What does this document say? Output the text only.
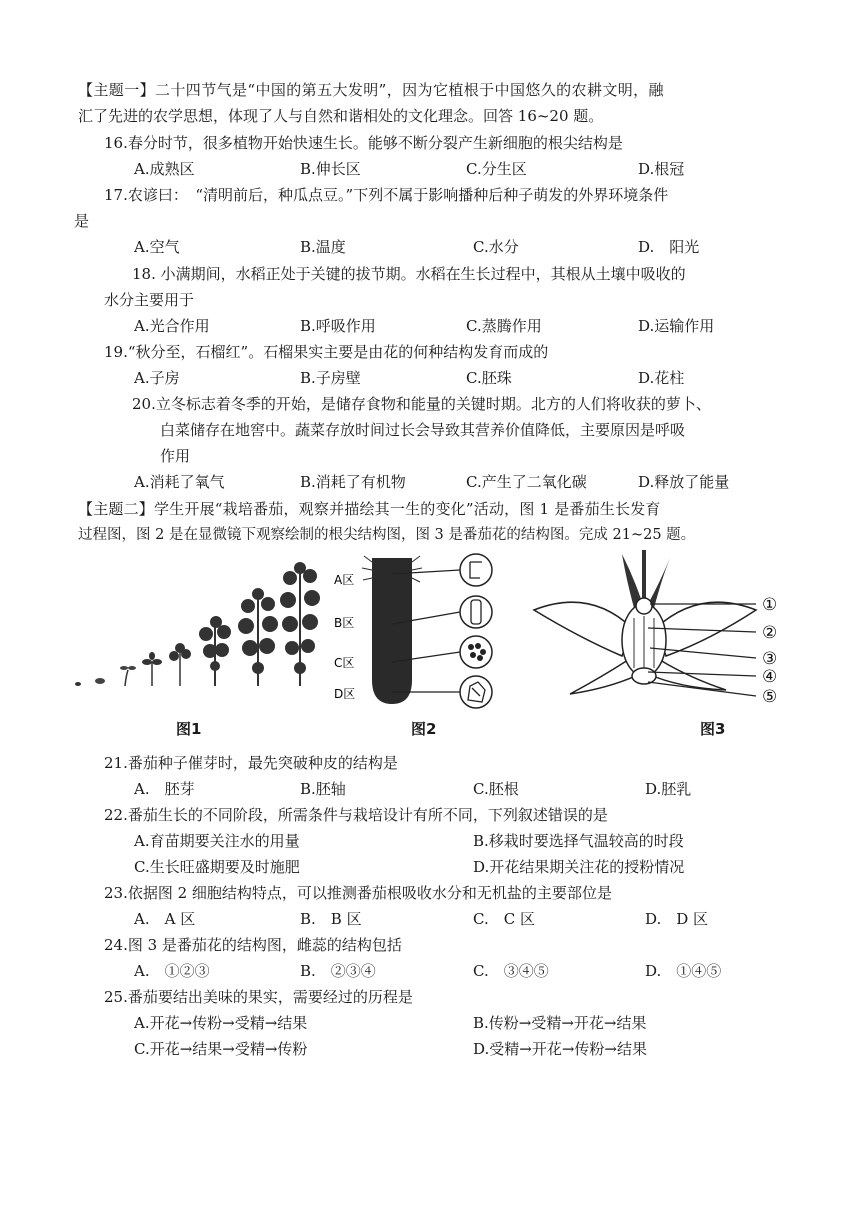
【主题一】二十四节气是“中国的第五大发明”，因为它植根于中国悠久的农耕文明，融
汇了先进的农学思想，体现了人与自然和谐相处的文化理念。回答 16~20 题。
16.春分时节，很多植物开始快速生长。能够不断分裂产生新细胞的根尖结构是
A.成熟区	B.伸长区	C.分生区	D.根冠
17.农谚曰：　“清明前后，种瓜点豆。”下列不属于影响播种后种子萌发的外界环境条件
是
A.空气	B.温度	C.水分	D.　阳光
18. 小满期间，水稻正处于关键的拔节期。水稻在生长过程中，其根从土壤中吸收的
水分主要用于
A.光合作用	B.呼吸作用	C.蒸腾作用	D.运输作用
19.“秋分至，石榴红”。石榴果实主要是由花的何种结构发育而成的
A.子房	B.子房壁	C.胚珠	D.花柱
20.立冬标志着冬季的开始，是储存食物和能量的关键时期。北方的人们将收获的萝卜、
白菜储存在地窖中。蔬菜存放时间过长会导致其营养价值降低，主要原因是呼吸
作用
A.消耗了氧气	B.消耗了有机物	C.产生了二氧化碳	D.释放了能量
【主题二】学生开展“栽培番茄，观察并描绘其一生的变化”活动，图 1 是番茄生长发育
过程图，图 2 是在显微镜下观察绘制的根尖结构图，图 3 是番茄花的结构图。完成 21~25 题。
图1
A区
B区
C区
D区
图2
①
②
③
④
⑤
图3
21.番茄种子催芽时，最先突破种皮的结构是
A.　胚芽	B.胚轴	C.胚根	D.胚乳
22.番茄生长的不同阶段，所需条件与栽培设计有所不同，下列叙述错误的是
A.育苗期要关注水的用量	B.移栽时要选择气温较高的时段
C.生长旺盛期要及时施肥	D.开花结果期关注花的授粉情况
23.依据图 2 细胞结构特点，可以推测番茄根吸收水分和无机盐的主要部位是
A.　A 区	B.　B 区	C.　C 区	D.　D 区
24.图 3 是番茄花的结构图，雌蕊的结构包括
A.　①②③	B.　②③④	C.　③④⑤	D.　①④⑤
25.番茄要结出美味的果实，需要经过的历程是
A.开花→传粉→受精→结果	B.传粉→受精→开花→结果
C.开花→结果→受精→传粉	D.受精→开花→传粉→结果
